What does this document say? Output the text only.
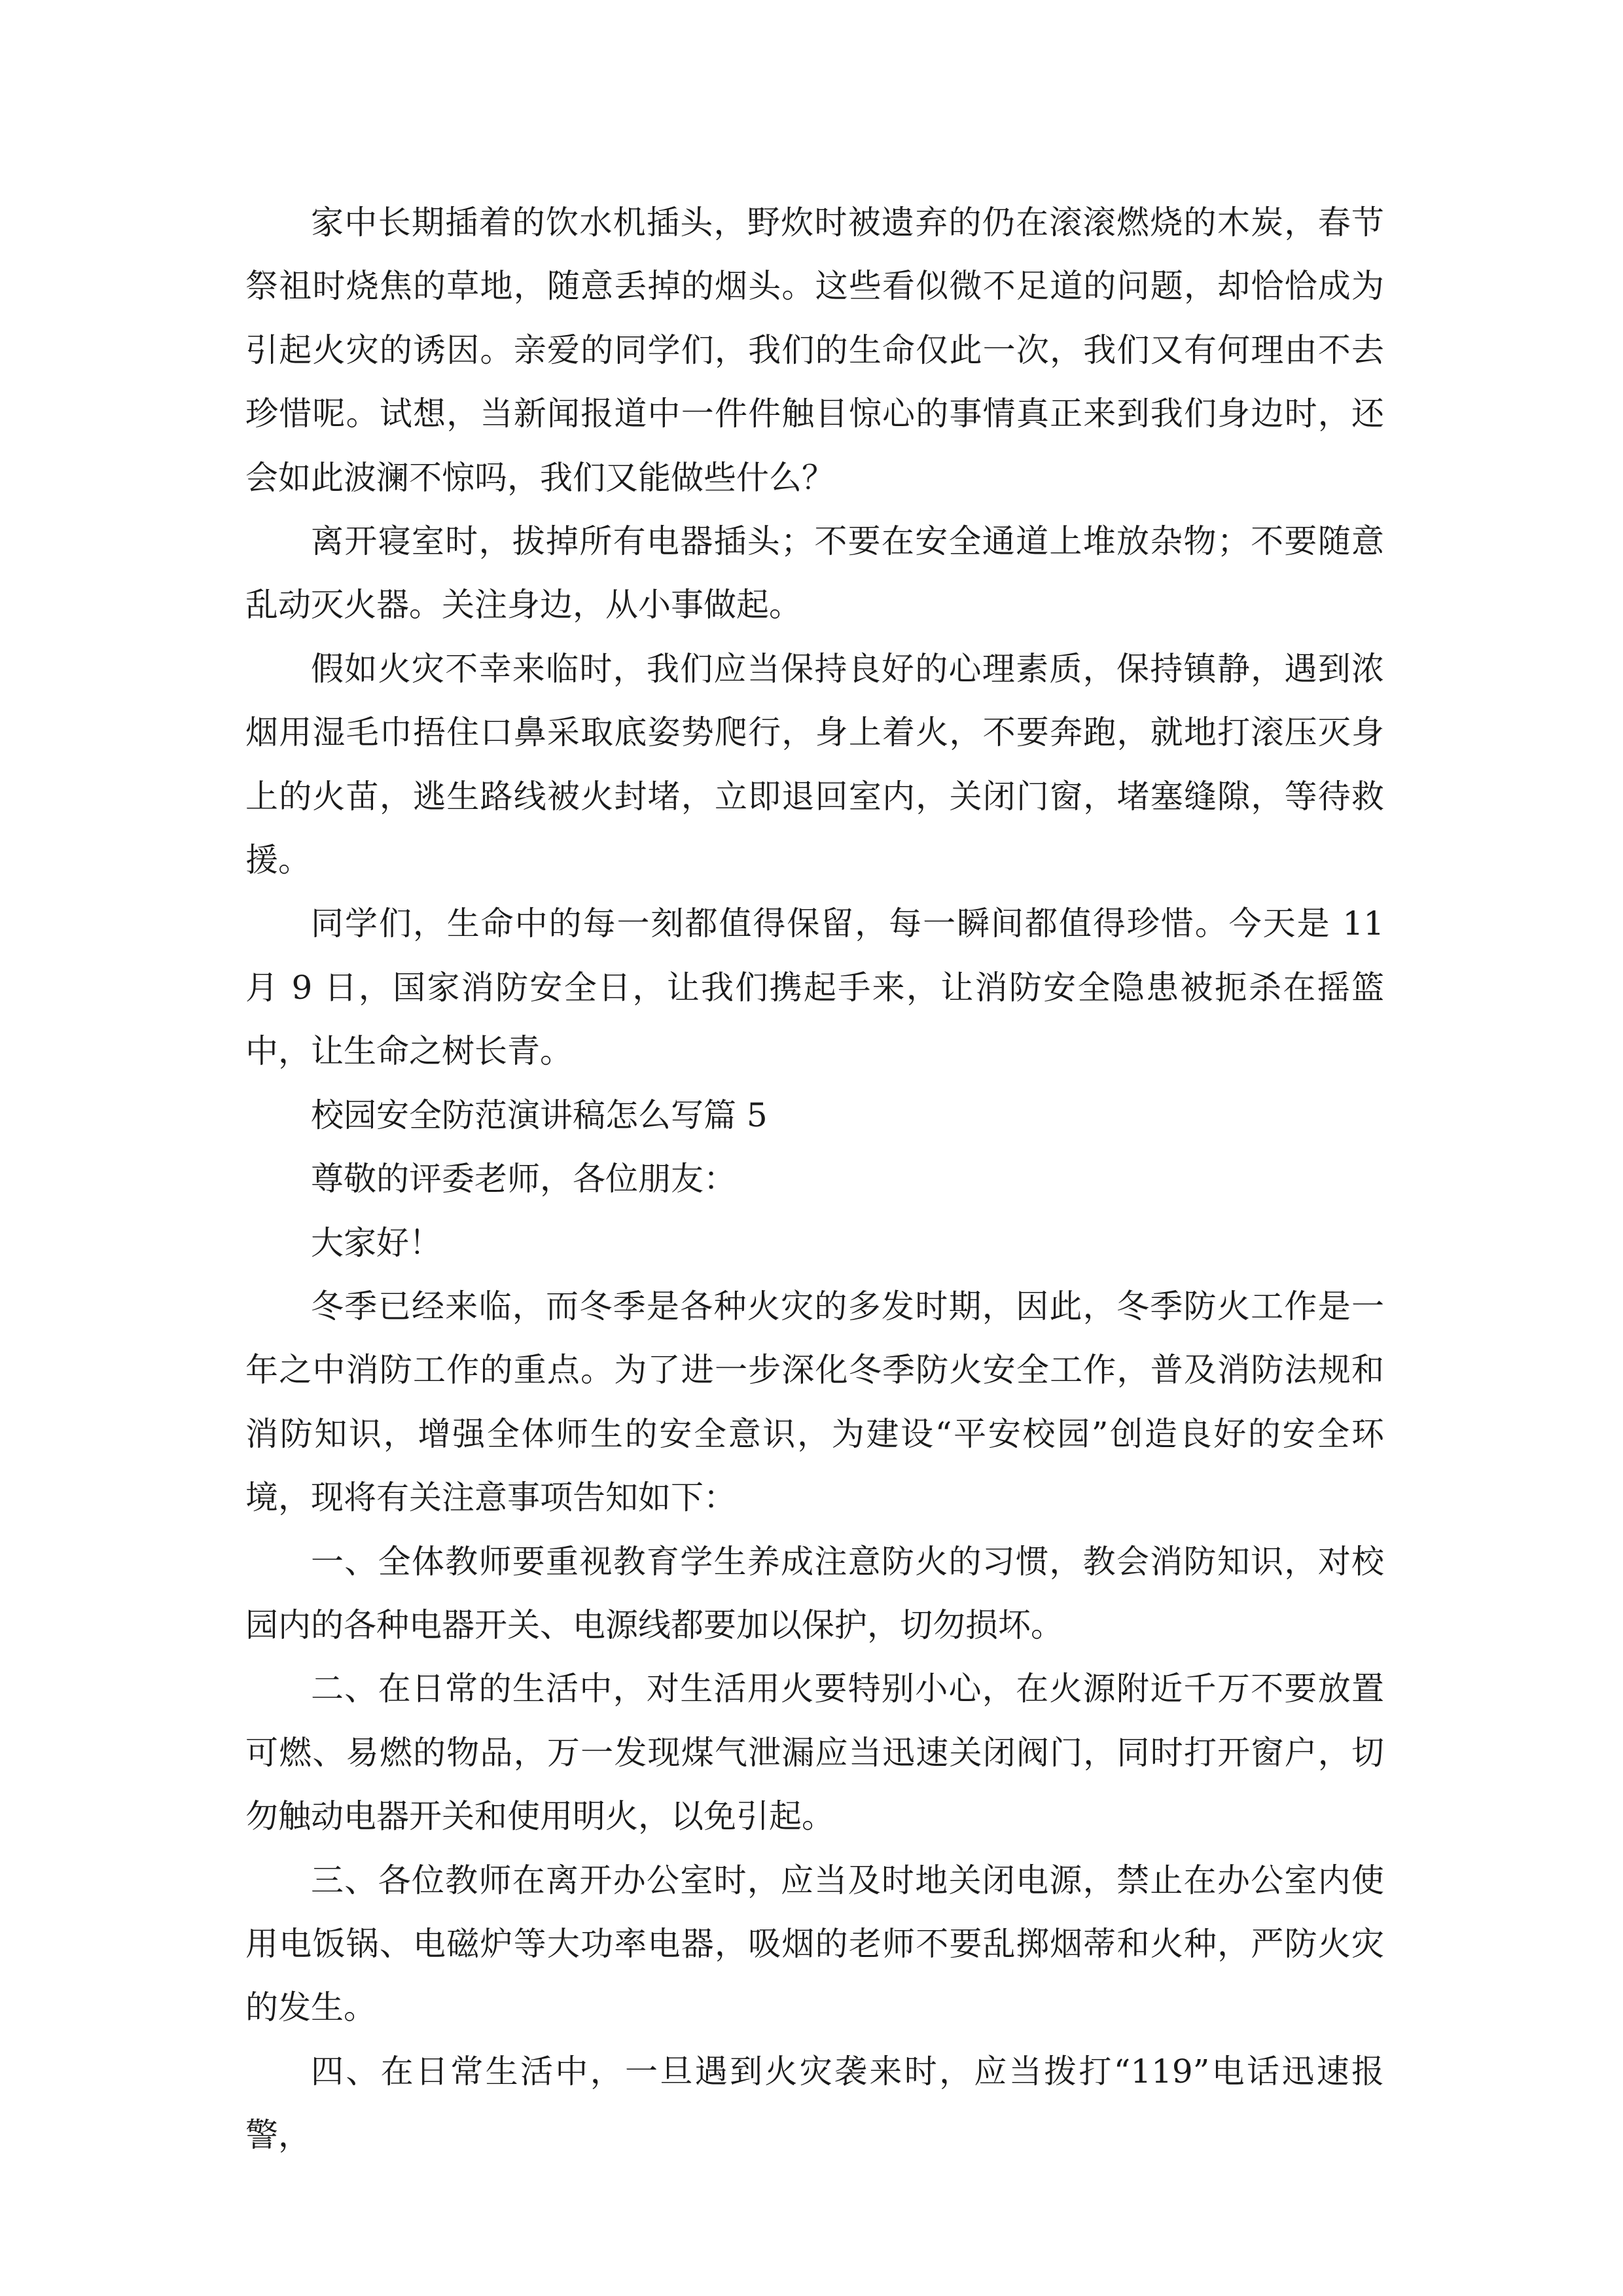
家中长期插着的饮水机插头，野炊时被遗弃的仍在滚滚燃烧的木炭，春节祭祖时烧焦的草地，随意丢掉的烟头。这些看似微不足道的问题，却恰恰成为引起火灾的诱因。亲爱的同学们，我们的生命仅此一次，我们又有何理由不去珍惜呢。试想，当新闻报道中一件件触目惊心的事情真正来到我们身边时，还会如此波澜不惊吗，我们又能做些什么？

离开寝室时，拔掉所有电器插头；不要在安全通道上堆放杂物；不要随意乱动灭火器。关注身边，从小事做起。

假如火灾不幸来临时，我们应当保持良好的心理素质，保持镇静，遇到浓烟用湿毛巾捂住口鼻采取底姿势爬行，身上着火，不要奔跑，就地打滚压灭身上的火苗，逃生路线被火封堵，立即退回室内，关闭门窗，堵塞缝隙，等待救援。

同学们，生命中的每一刻都值得保留，每一瞬间都值得珍惜。今天是 11 月 9 日，国家消防安全日，让我们携起手来，让消防安全隐患被扼杀在摇篮中，让生命之树长青。

校园安全防范演讲稿怎么写篇 5

尊敬的评委老师，各位朋友：

大家好！

冬季已经来临，而冬季是各种火灾的多发时期，因此，冬季防火工作是一年之中消防工作的重点。为了进一步深化冬季防火安全工作，普及消防法规和消防知识，增强全体师生的安全意识，为建设“平安校园”创造良好的安全环境，现将有关注意事项告知如下：

一、全体教师要重视教育学生养成注意防火的习惯，教会消防知识，对校园内的各种电器开关、电源线都要加以保护，切勿损坏。

二、在日常的生活中，对生活用火要特别小心，在火源附近千万不要放置可燃、易燃的物品，万一发现煤气泄漏应当迅速关闭阀门，同时打开窗户，切勿触动电器开关和使用明火，以免引起。

三、各位教师在离开办公室时，应当及时地关闭电源，禁止在办公室内使用电饭锅、电磁炉等大功率电器，吸烟的老师不要乱掷烟蒂和火种，严防火灾的发生。

四、在日常生活中，一旦遇到火灾袭来时，应当拨打“119”电话迅速报警，
